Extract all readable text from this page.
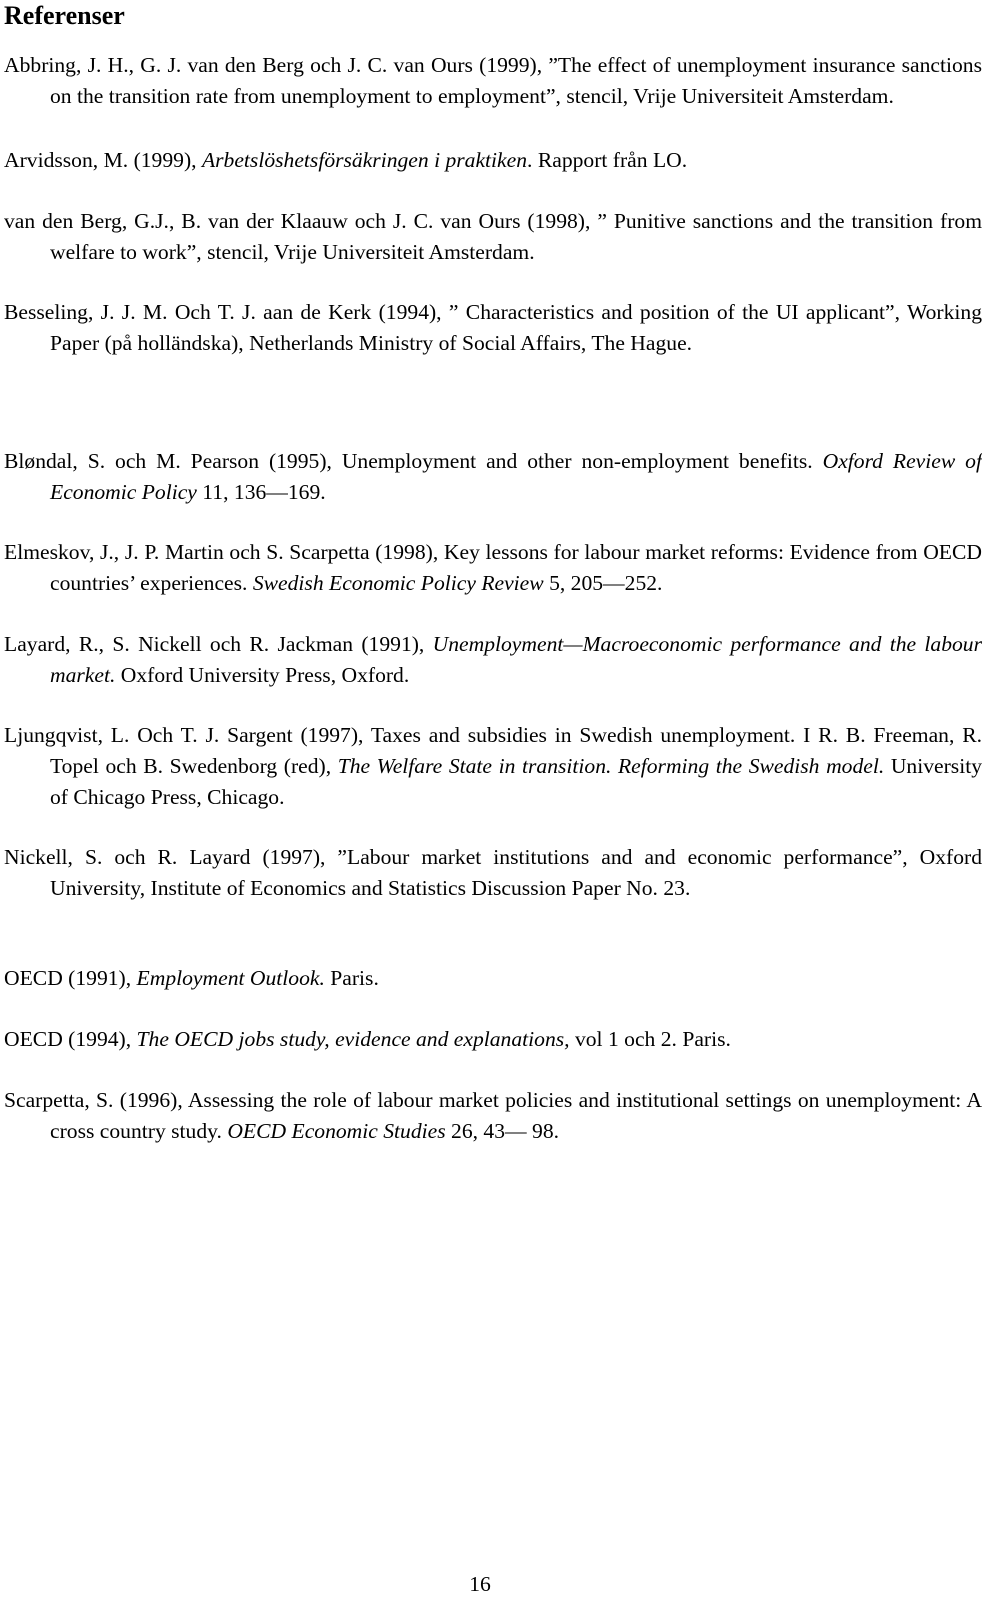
Referenser

Abbring, J. H., G. J. van den Berg och J. C. van Ours (1999), ”The effect of unemployment insurance sanctions on the transition rate from unemployment to employment”, stencil, Vrije Universiteit Amsterdam.

Arvidsson, M. (1999), Arbetslöshetsförsäkringen i praktiken. Rapport från LO.

van den Berg, G.J., B. van der Klaauw och J. C. van Ours (1998), ” Punitive sanctions and the transition from welfare to work”, stencil, Vrije Universiteit Amsterdam.

Besseling, J. J. M. Och T. J. aan de Kerk (1994), ” Characteristics and position of the UI applicant”, Working Paper (på holländska), Netherlands Ministry of Social Affairs, The Hague.

Bløndal, S. och M. Pearson (1995), Unemployment and other non-employment benefits. Oxford Review of Economic Policy 11, 136—169.

Elmeskov, J., J. P. Martin och S. Scarpetta (1998), Key lessons for labour market reforms: Evidence from OECD countries’ experiences. Swedish Economic Policy Review 5, 205—252.

Layard, R., S. Nickell och R. Jackman (1991), Unemployment—Macroeconomic performance and the labour market. Oxford University Press, Oxford.

Ljungqvist, L. Och T. J. Sargent (1997), Taxes and subsidies in Swedish unemployment. I R. B. Freeman, R. Topel och B. Swedenborg (red), The Welfare State in transition. Reforming the Swedish model. University of Chicago Press, Chicago.

Nickell, S. och R. Layard (1997), ”Labour market institutions and and economic performance”, Oxford University, Institute of Economics and Statistics Discussion Paper No. 23.

OECD (1991), Employment Outlook. Paris.

OECD (1994), The OECD jobs study, evidence and explanations, vol 1 och 2. Paris.

Scarpetta, S. (1996), Assessing the role of labour market policies and institutional settings on unemployment: A cross country study. OECD Economic Studies 26, 43— 98.

16
